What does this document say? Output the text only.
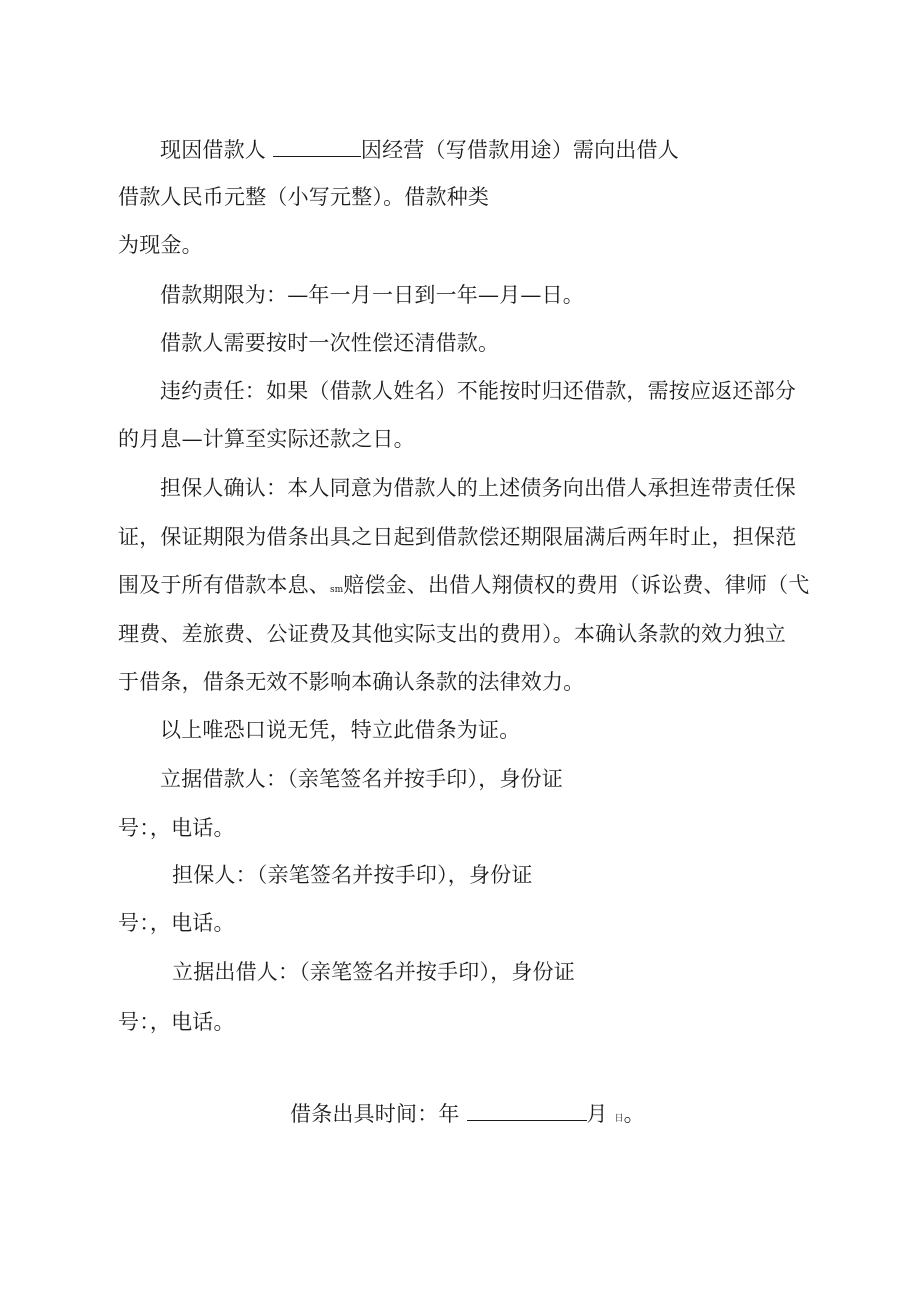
现因借款人	因经营（写借款用途）需向出借人
借款人民币元整（小写元整）。借款种类
为现金。
借款期限为：—年一月一日到一年—月—日。
借款人需要按时一次性偿还清借款。
违约责任：如果（借款人姓名）不能按时归还借款，需按应返还部分
的月息—计算至实际还款之日。
担保人确认：本人同意为借款人的上述债务向出借人承担连带责任保
证，保证期限为借条出具之日起到借款偿还期限届满后两年时止，担保范
围及于所有借款本息、sm赔偿金、出借人翔债权的费用（诉讼费、律师（弋
理费、差旅费、公证费及其他实际支出的费用）。本确认条款的效力独立
于借条，借条无效不影响本确认条款的法律效力。
以上唯恐口说无凭，特立此借条为证。
立据借款人：（亲笔签名并按手印），身份证
号：，电话。
担保人：（亲笔签名并按手印），身份证
号：，电话。
立据出借人：（亲笔签名并按手印），身份证
号：，电话。
借条出具时间：年	月 日。
